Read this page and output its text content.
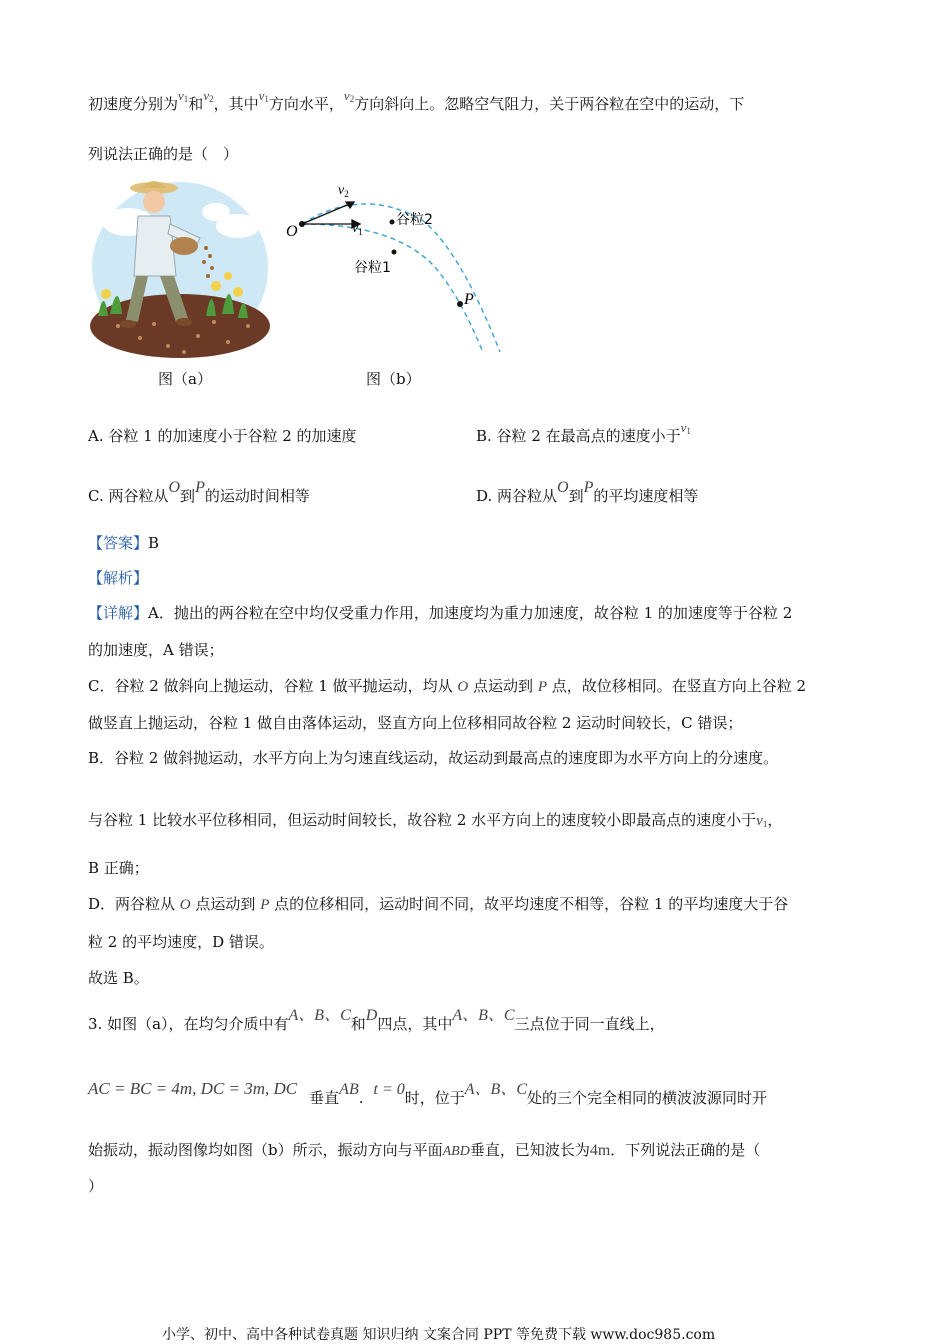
初速度分别为v1和v2，其中v1方向水平，v2方向斜向上。忽略空气阻力，关于两谷粒在空中的运动，下
列说法正确的是（　）
$v_2$
$v_1$
O
P
谷粒2
谷粒1
图（a）	图（b）
A. 谷粒 1 的加速度小于谷粒 2 的加速度	B. 谷粒 2 在最高点的速度小于v1
C. 两谷粒从O到P的运动时间相等	D. 两谷粒从O到P的平均速度相等
【答案】B
【解析】
【详解】A．抛出的两谷粒在空中均仅受重力作用，加速度均为重力加速度，故谷粒 1 的加速度等于谷粒 2
的加速度，A 错误；
C．谷粒 2 做斜向上抛运动，谷粒 1 做平抛运动，均从 O 点运动到 P 点，故位移相同。在竖直方向上谷粒 2
做竖直上抛运动，谷粒 1 做自由落体运动，竖直方向上位移相同故谷粒 2 运动时间较长，C 错误；
B．谷粒 2 做斜抛运动，水平方向上为匀速直线运动，故运动到最高点的速度即为水平方向上的分速度。
与谷粒 1 比较水平位移相同，但运动时间较长，故谷粒 2 水平方向上的速度较小即最高点的速度小于v1，
B 正确；
D．两谷粒从 O 点运动到 P 点的位移相同，运动时间不同，故平均速度不相等，谷粒 1 的平均速度大于谷
粒 2 的平均速度，D 错误。
故选 B。
3. 如图（a），在均匀介质中有A、B、C和D四点，其中A、B、C三点位于同一直线上，
AC = BC = 4m, DC = 3m, DC 垂直AB. t = 0时，位于A、B、C处的三个完全相同的横波波源同时开
始振动，振动图像均如图（b）所示，振动方向与平面ABD垂直，已知波长为4m．下列说法正确的是（
）
小学、初中、高中各种试卷真题 知识归纳 文案合同 PPT 等免费下载 www.doc985.com
